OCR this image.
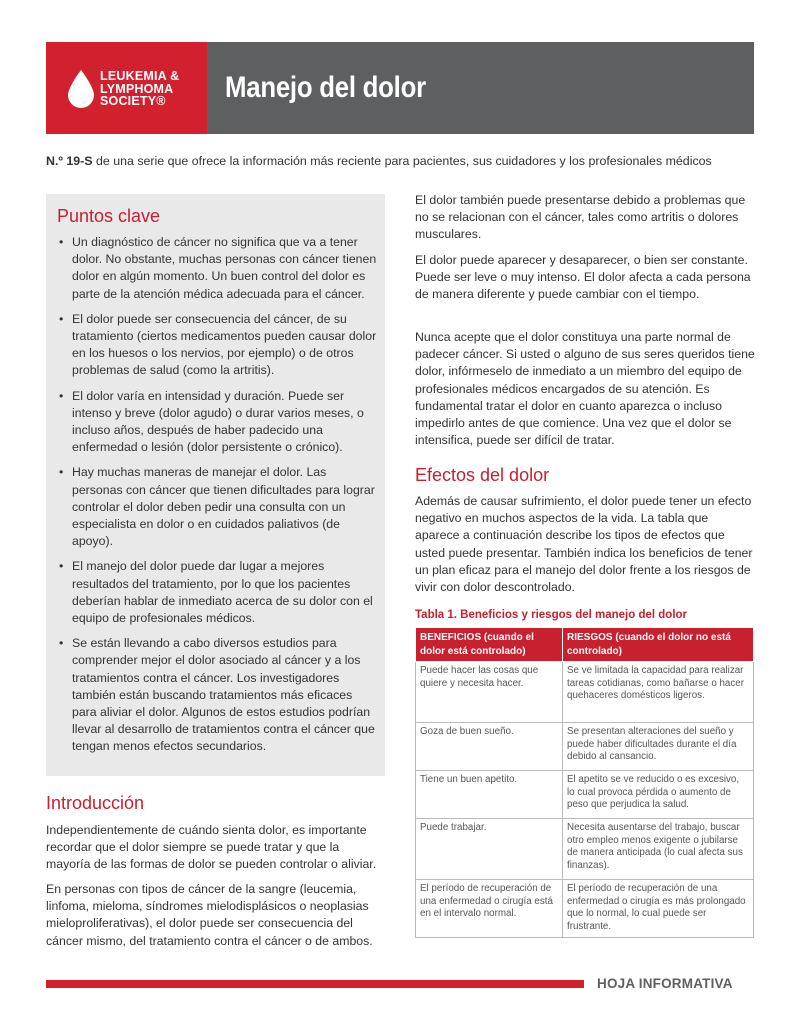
LEUKEMIA &
LYMPHOMA
SOCIETY®	Manejo del dolor
N.º 19-S de una serie que ofrece la información más reciente para pacientes, sus cuidadores y los profesionales médicos
Puntos clave
• Un diagnóstico de cáncer no significa que va a tener dolor. No obstante, muchas personas con cáncer tienen dolor en algún momento. Un buen control del dolor es parte de la atención médica adecuada para el cáncer.
• El dolor puede ser consecuencia del cáncer, de su tratamiento (ciertos medicamentos pueden causar dolor en los huesos o los nervios, por ejemplo) o de otros problemas de salud (como la artritis).
• El dolor varía en intensidad y duración. Puede ser intenso y breve (dolor agudo) o durar varios meses, o incluso años, después de haber padecido una enfermedad o lesión (dolor persistente o crónico).
• Hay muchas maneras de manejar el dolor. Las personas con cáncer que tienen dificultades para lograr controlar el dolor deben pedir una consulta con un especialista en dolor o en cuidados paliativos (de apoyo).
• El manejo del dolor puede dar lugar a mejores resultados del tratamiento, por lo que los pacientes deberían hablar de inmediato acerca de su dolor con el equipo de profesionales médicos.
• Se están llevando a cabo diversos estudios para comprender mejor el dolor asociado al cáncer y a los tratamientos contra el cáncer. Los investigadores también están buscando tratamientos más eficaces para aliviar el dolor. Algunos de estos estudios podrían llevar al desarrollo de tratamientos contra el cáncer que tengan menos efectos secundarios.
Introducción

Independientemente de cuándo sienta dolor, es importante recordar que el dolor siempre se puede tratar y que la mayoría de las formas de dolor se pueden controlar o aliviar.

En personas con tipos de cáncer de la sangre (leucemia, linfoma, mieloma, síndromes mielodisplásicos o neoplasias mieloproliferativas), el dolor puede ser consecuencia del cáncer mismo, del tratamiento contra el cáncer o de ambos.

El dolor también puede presentarse debido a problemas que no se relacionan con el cáncer, tales como artritis o dolores musculares.

El dolor puede aparecer y desaparecer, o bien ser constante. Puede ser leve o muy intenso. El dolor afecta a cada persona de manera diferente y puede cambiar con el tiempo.

Nunca acepte que el dolor constituya una parte normal de padecer cáncer. Si usted o alguno de sus seres queridos tiene dolor, infórmeselo de inmediato a un miembro del equipo de profesionales médicos encargados de su atención. Es fundamental tratar el dolor en cuanto aparezca o incluso impedirlo antes de que comience. Una vez que el dolor se intensifica, puede ser difícil de tratar.

Efectos del dolor

Además de causar sufrimiento, el dolor puede tener un efecto negativo en muchos aspectos de la vida. La tabla que aparece a continuación describe los tipos de efectos que usted puede presentar. También indica los beneficios de tener un plan eficaz para el manejo del dolor frente a los riesgos de vivir con dolor descontrolado.

Tabla 1. Beneficios y riesgos del manejo del dolor
BENEFICIOS (cuando el dolor está controlado)	RIESGOS (cuando el dolor no está controlado)
Puede hacer las cosas que quiere y necesita hacer.	Se ve limitada la capacidad para realizar tareas cotidianas, como bañarse o hacer quehaceres domésticos ligeros.
Goza de buen sueño.	Se presentan alteraciones del sueño y puede haber dificultades durante el día debido al cansancio.
Tiene un buen apetito.	El apetito se ve reducido o es excesivo, lo cual provoca pérdida o aumento de peso que perjudica la salud.
Puede trabajar.	Necesita ausentarse del trabajo, buscar otro empleo menos exigente o jubilarse de manera anticipada (lo cual afecta sus finanzas).
El período de recuperación de una enfermedad o cirugía está en el intervalo normal.	El período de recuperación de una enfermedad o cirugía es más prolongado que lo normal, lo cual puede ser frustrante.
HOJA INFORMATIVA
